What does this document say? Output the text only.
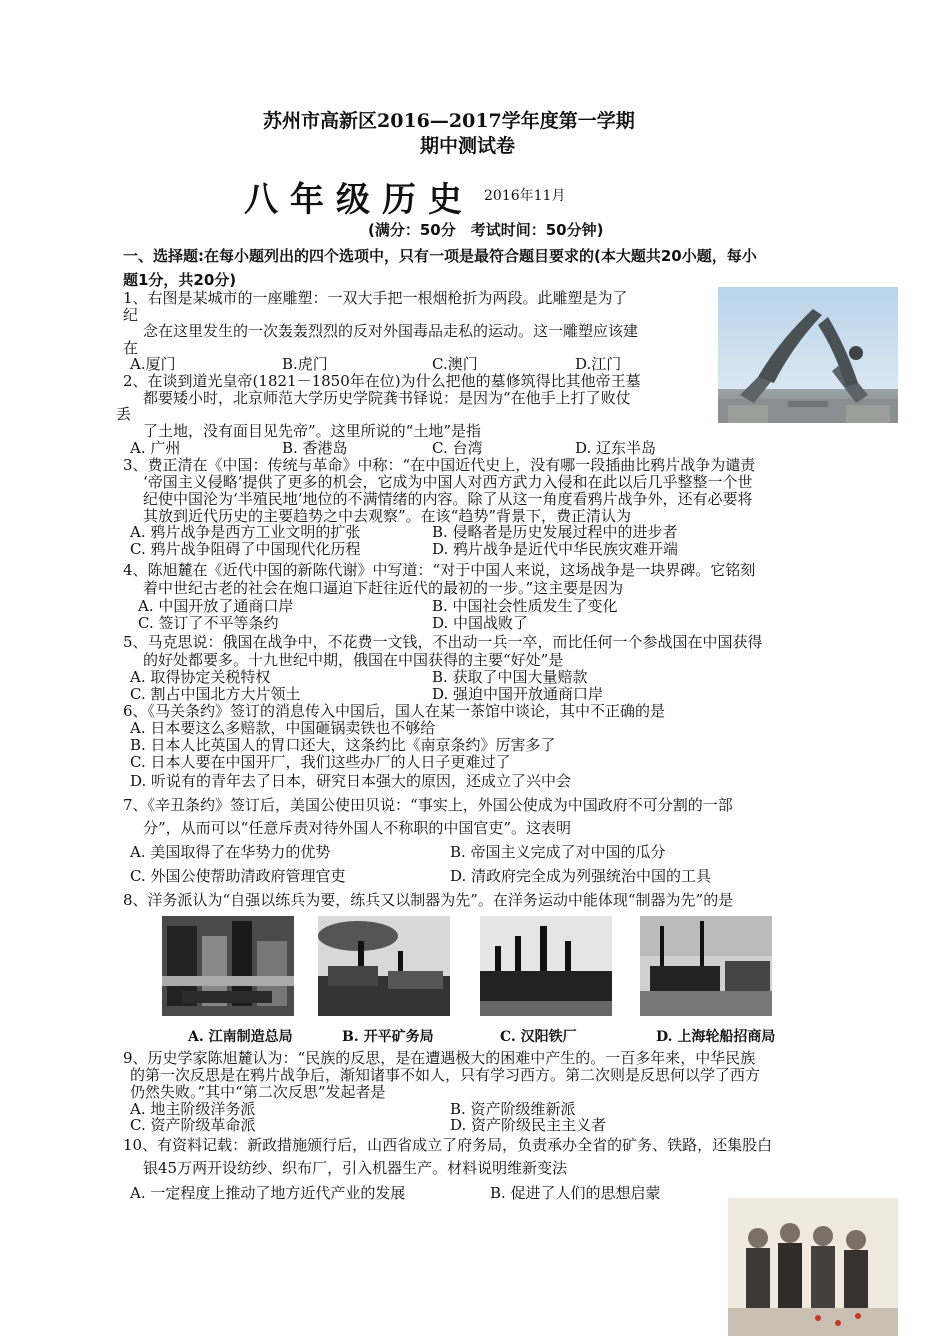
苏州市高新区2016—2017学年度第一学期
期中测试卷
八年级历史 2016年11月
(满分：50分　考试时间：50分钟)
一、选择题:在每小题列出的四个选项中，只有一项是最符合题目要求的(本大题共20小题，每小
题1分，共20分)
1、右图是某城市的一座雕塑：一双大手把一根烟枪折为两段。此雕塑是为了
纪
念在这里发生的一次轰轰烈烈的反对外国毒品走私的运动。这一雕塑应该建
在
A.厦门	B.虎门	C.澳门	D.江门
2、在谈到道光皇帝(1821－1850年在位)为什么把他的墓修筑得比其他帝王墓
都要矮小时，北京师范大学历史学院龚书铎说：是因为“在他手上打了败仗
丢
了土地，没有面目见先帝”。这里所说的“土地”是指
A. 广州	B. 香港岛	C. 台湾	D. 辽东半岛
3、费正清在《中国：传统与革命》中称：“在中国近代史上，没有哪一段插曲比鸦片战争为谴责
‘帝国主义侵略’提供了更多的机会，它成为中国人对西方武力入侵和在此以后几乎整整一个世
纪使中国沦为‘半殖民地’地位的不满情绪的内容。除了从这一角度看鸦片战争外，还有必要将
其放到近代历史的主要趋势之中去观察”。在该“趋势”背景下，费正清认为
A. 鸦片战争是西方工业文明的扩张	B. 侵略者是历史发展过程中的进步者
C. 鸦片战争阻碍了中国现代化历程	D. 鸦片战争是近代中华民族灾难开端
4、陈旭麓在《近代中国的新陈代谢》中写道：“对于中国人来说，这场战争是一块界碑。它铭刻
着中世纪古老的社会在炮口逼迫下赶往近代的最初的一步。”这主要是因为
A. 中国开放了通商口岸	B. 中国社会性质发生了变化
C. 签订了不平等条约	D. 中国战败了
5、马克思说：俄国在战争中，不花费一文钱，不出动一兵一卒，而比任何一个参战国在中国获得
的好处都要多。十九世纪中期，俄国在中国获得的主要“好处”是
A. 取得协定关税特权	B. 获取了中国大量赔款
C. 割占中国北方大片领土	D. 强迫中国开放通商口岸
6、《马关条约》签订的消息传入中国后，国人在某一茶馆中谈论，其中不正确的是
A. 日本要这么多赔款，中国砸锅卖铁也不够给
B. 日本人比英国人的胃口还大，这条约比《南京条约》厉害多了
C. 日本人要在中国开厂，我们这些办厂的人日子更难过了
D. 听说有的青年去了日本，研究日本强大的原因，还成立了兴中会
7、《辛丑条约》签订后，美国公使田贝说：“事实上，外国公使成为中国政府不可分割的一部
分”，从而可以“任意斥责对待外国人不称职的中国官吏”。这表明
A. 美国取得了在华势力的优势	B. 帝国主义完成了对中国的瓜分
C. 外国公使帮助清政府管理官吏	D. 清政府完全成为列强统治中国的工具
8、洋务派认为“自强以练兵为要，练兵又以制器为先”。在洋务运动中能体现“制器为先”的是
A. 江南制造总局	B. 开平矿务局	C. 汉阳铁厂	D. 上海轮船招商局
9、历史学家陈旭麓认为：“民族的反思，是在遭遇极大的困难中产生的。一百多年来，中华民族
的第一次反思是在鸦片战争后，渐知诸事不如人，只有学习西方。第二次则是反思何以学了西方
仍然失败。”其中“第二次反思”发起者是
A. 地主阶级洋务派	B. 资产阶级维新派
C. 资产阶级革命派	D. 资产阶级民主主义者
10、有资料记载：新政措施颁行后，山西省成立了府务局，负责承办全省的矿务、铁路，还集股白
银45万两开设纺纱、织布厂，引入机器生产。材料说明维新变法
A. 一定程度上推动了地方近代产业的发展	B. 促进了人们的思想启蒙
